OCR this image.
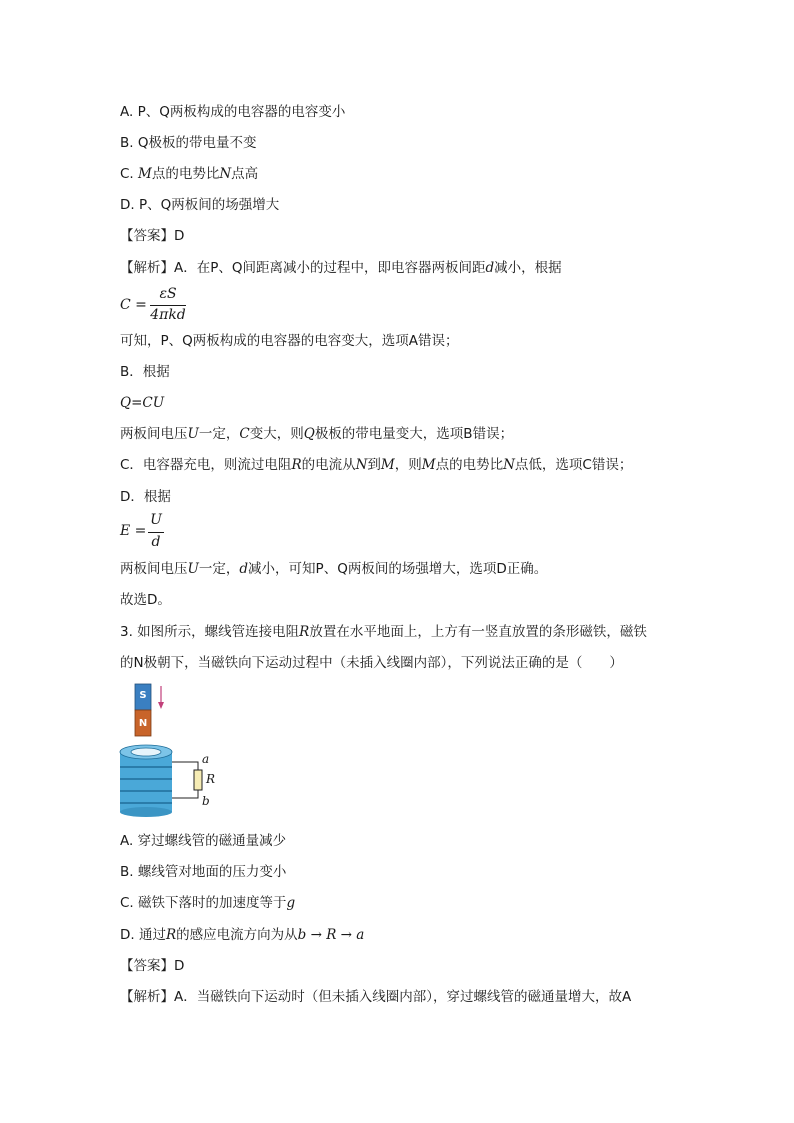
A. P、Q两板构成的电容器的电容变小
B. Q极板的带电量不变
C. M点的电势比N点高
D. P、Q两板间的场强增大
【答案】D
【解析】A．在P、Q间距离减小的过程中，即电容器两板间距d减小，根据
C =
εS
4πkd
可知，P、Q两板构成的电容器的电容变大，选项A错误；
B．根据
Q=CU
两板间电压U一定，C变大，则Q极板的带电量变大，选项B错误；
C．电容器充电，则流过电阻R的电流从N到M，则M点的电势比N点低，选项C错误；
D．根据
E =
U
d
两板间电压U一定，d减小，可知P、Q两板间的场强增大，选项D正确。
故选D。
3. 如图所示，螺线管连接电阻R放置在水平地面上，上方有一竖直放置的条形磁铁，磁铁
的N极朝下，当磁铁向下运动过程中（未插入线圈内部），下列说法正确的是（　　）
S
N
a
R
b
A. 穿过螺线管的磁通量减少
B. 螺线管对地面的压力变小
C. 磁铁下落时的加速度等于g
D. 通过R的感应电流方向为从b → R → a
【答案】D
【解析】A．当磁铁向下运动时（但未插入线圈内部），穿过螺线管的磁通量增大，故A
